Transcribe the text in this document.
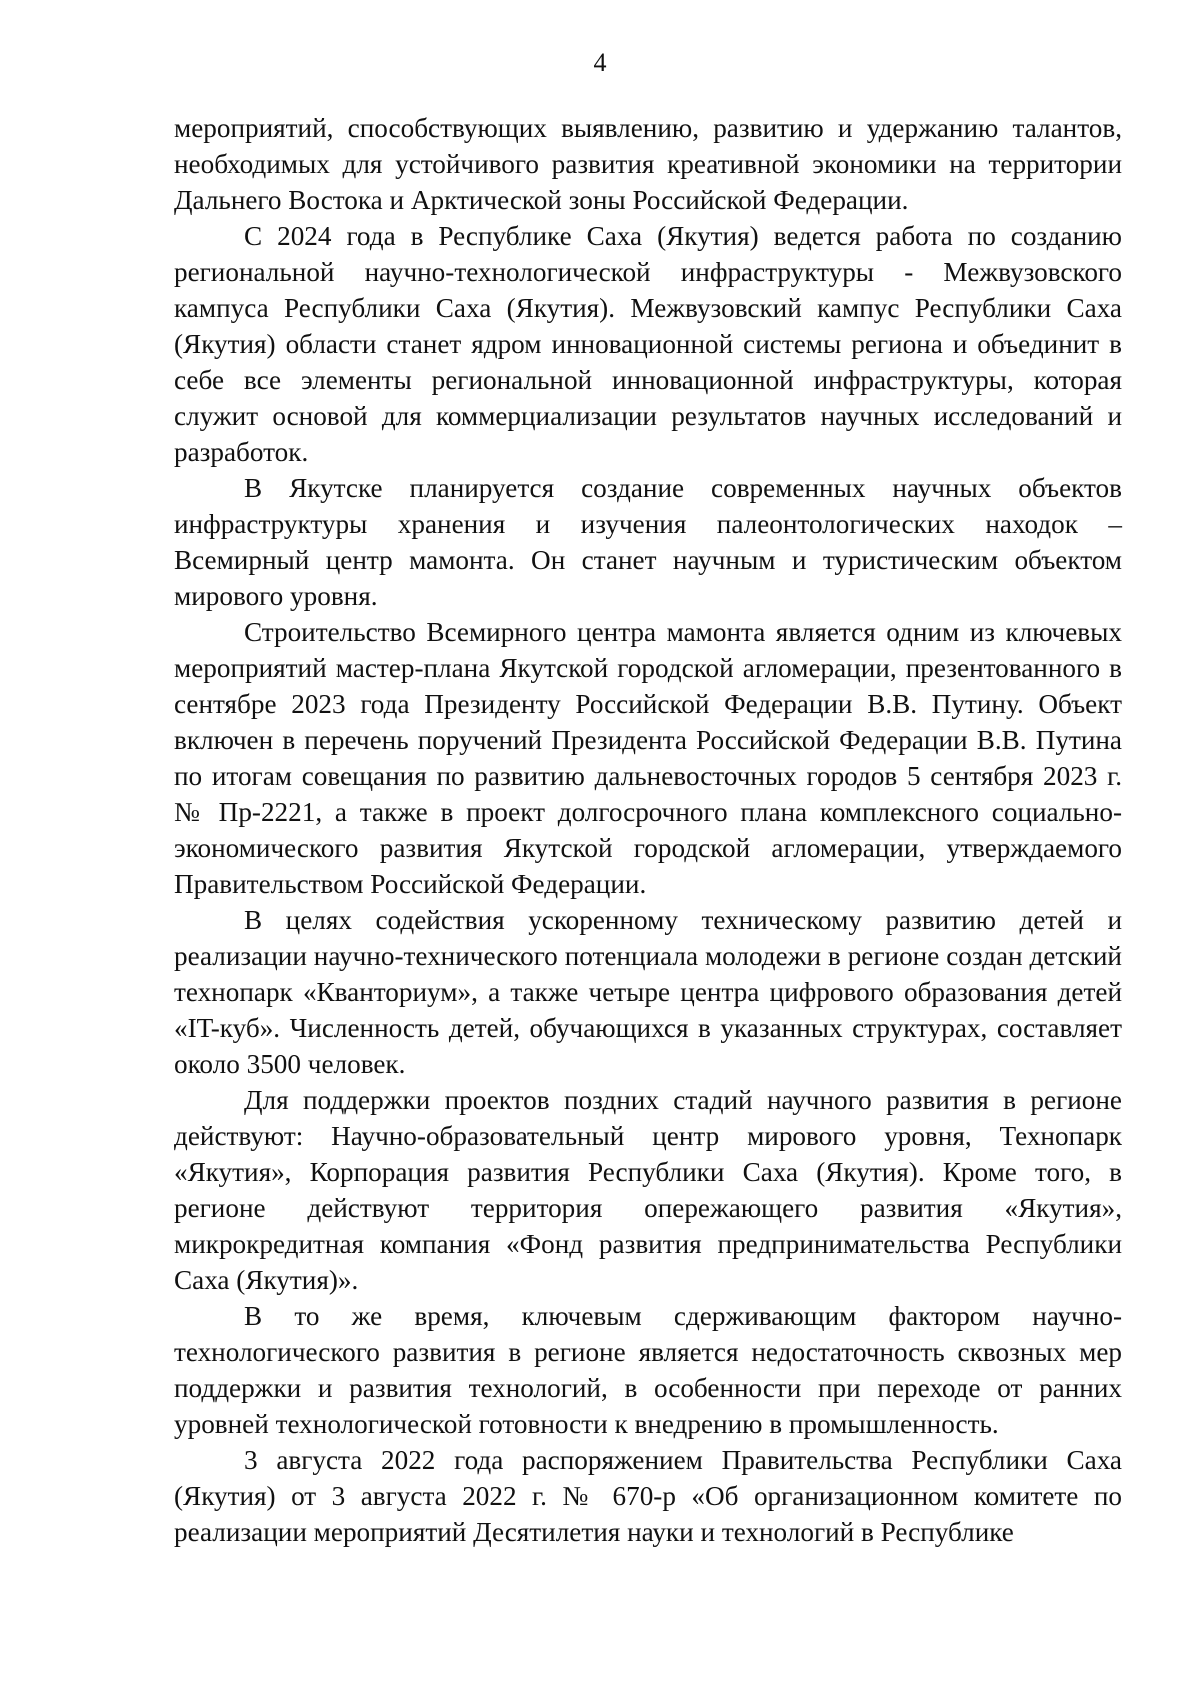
4

мероприятий, способствующих выявлению, развитию и удержанию талантов, необходимых для устойчивого развития креативной экономики на территории Дальнего Востока и Арктической зоны Российской Федерации.

С 2024 года в Республике Саха (Якутия) ведется работа по созданию региональной научно-технологической инфраструктуры - Межвузовского кампуса Республики Саха (Якутия). Межвузовский кампус Республики Саха (Якутия) области станет ядром инновационной системы региона и объединит в себе все элементы региональной инновационной инфраструктуры, которая служит основой для коммерциализации результатов научных исследований и разработок.

В Якутске планируется создание современных научных объектов инфраструктуры хранения и изучения палеонтологических находок – Всемирный центр мамонта. Он станет научным и туристическим объектом мирового уровня.

Строительство Всемирного центра мамонта является одним из ключевых мероприятий мастер-плана Якутской городской агломерации, презентованного в сентябре 2023 года Президенту Российской Федерации В.В. Путину. Объект включен в перечень поручений Президента Российской Федерации В.В. Путина по итогам совещания по развитию дальневосточных городов 5 сентября 2023 г. № Пр-2221, а также в проект долгосрочного плана комплексного социально-экономического развития Якутской городской агломерации, утверждаемого Правительством Российской Федерации.

В целях содействия ускоренному техническому развитию детей и реализации научно-технического потенциала молодежи в регионе создан детский технопарк «Кванториум», а также четыре центра цифрового образования детей «IT-куб». Численность детей, обучающихся в указанных структурах, составляет около 3500 человек.

Для поддержки проектов поздних стадий научного развития в регионе действуют: Научно-образовательный центр мирового уровня, Технопарк «Якутия», Корпорация развития Республики Саха (Якутия). Кроме того, в регионе действуют территория опережающего развития «Якутия», микрокредитная компания «Фонд развития предпринимательства Республики Саха (Якутия)».

В то же время, ключевым сдерживающим фактором научно-технологического развития в регионе является недостаточность сквозных мер поддержки и развития технологий, в особенности при переходе от ранних уровней технологической готовности к внедрению в промышленность.

3 августа 2022 года распоряжением Правительства Республики Саха (Якутия) от 3 августа 2022 г. № 670-р «Об организационном комитете по реализации мероприятий Десятилетия науки и технологий в Республике
